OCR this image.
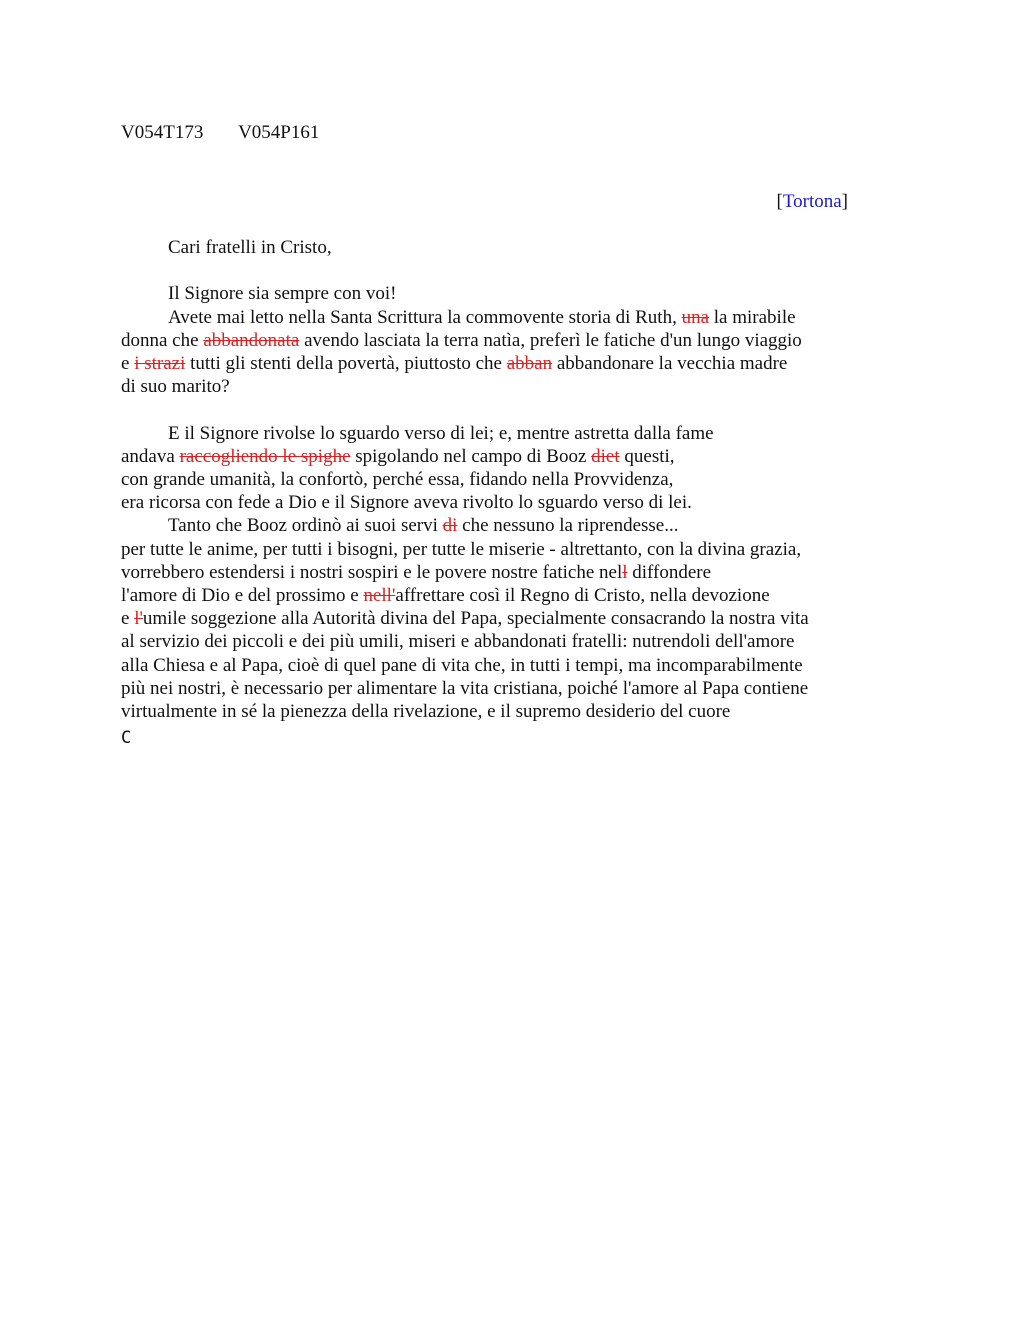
V054T173 V054P161
[Tortona]
Cari fratelli in Cristo,
Il Signore sia sempre con voi!
Avete mai letto nella Santa Scrittura la commovente storia di Ruth, una la mirabile
donna che abbandonata avendo lasciata la terra natìa, preferì le fatiche d'un lungo viaggio
e i strazi tutti gli stenti della povertà, piuttosto che abban abbandonare la vecchia madre
di suo marito?
E il Signore rivolse lo sguardo verso di lei; e, mentre astretta dalla fame
andava raccogliendo le spighe spigolando nel campo di Booz diet questi,
con grande umanità, la confortò, perché essa, fidando nella Provvidenza,
era ricorsa con fede a Dio e il Signore aveva rivolto lo sguardo verso di lei.
Tanto che Booz ordinò ai suoi servi di che nessuno la riprendesse...
per tutte le anime, per tutti i bisogni, per tutte le miserie - altrettanto, con la divina grazia,
vorrebbero estendersi i nostri sospiri e le povere nostre fatiche nell diffondere
l'amore di Dio e del prossimo e nell'affrettare così il Regno di Cristo, nella devozione
e l'umile soggezione alla Autorità divina del Papa, specialmente consacrando la nostra vita
al servizio dei piccoli e dei più umili, miseri e abbandonati fratelli: nutrendoli dell'amore
alla Chiesa e al Papa, cioè di quel pane di vita che, in tutti i tempi, ma incomparabilmente
più nei nostri, è necessario per alimentare la vita cristiana, poiché l'amore al Papa contiene
virtualmente in sé la pienezza della rivelazione, e il supremo desiderio del cuore
C
